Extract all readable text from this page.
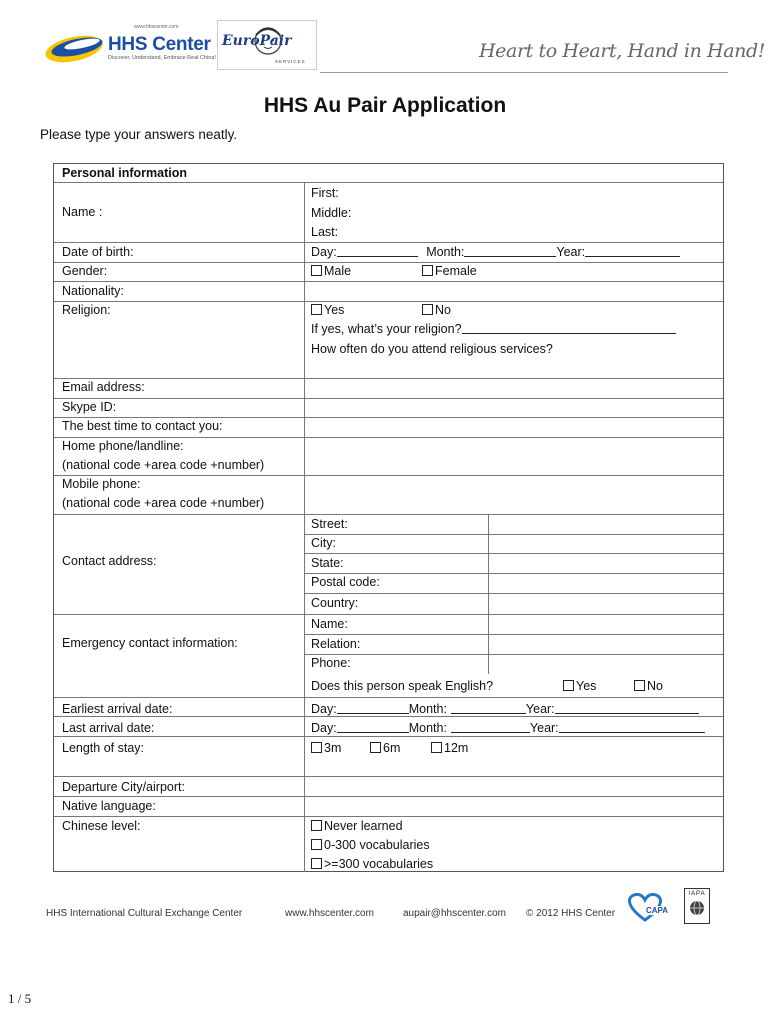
www.hhscenter.com
HHS Center
Discover, Understand, Embrace Real China!
EuroPair
SERVICES	Heart to Heart, Hand in Hand!
HHS Au Pair Application
Please type your answers neatly.
Personal information
Name :
First:
Middle:
Last:
Date of birth:	Day:	Month:	Year:
Gender:	Male	Female
Nationality:
Religion:	Yes	No
If yes, what’s your religion?
How often do you attend religious services?
Email address:
Skype ID:
The best time to contact you:
Home phone/landline:
(national code +area code +number)
Mobile phone:
(national code +area code +number)
Contact address:
Street:
City:
State:
Postal code:
Country:
Emergency contact information:
Name:
Relation:
Phone:
Does this person speak English?	Yes	No
Earliest arrival date:	Day:	Month:	Year:
Last arrival date:	Day:	Month:	Year:
Length of stay:	3m	6m	12m
Departure City/airport:
Native language:
Chinese level:	Never learned
0-300 vocabularies
>=300 vocabularies
HHS International Cultural Exchange Center	www.hhscenter.com	aupair@hhscenter.com © 2012 HHS Center	CAPA
IAPA
1 / 5
